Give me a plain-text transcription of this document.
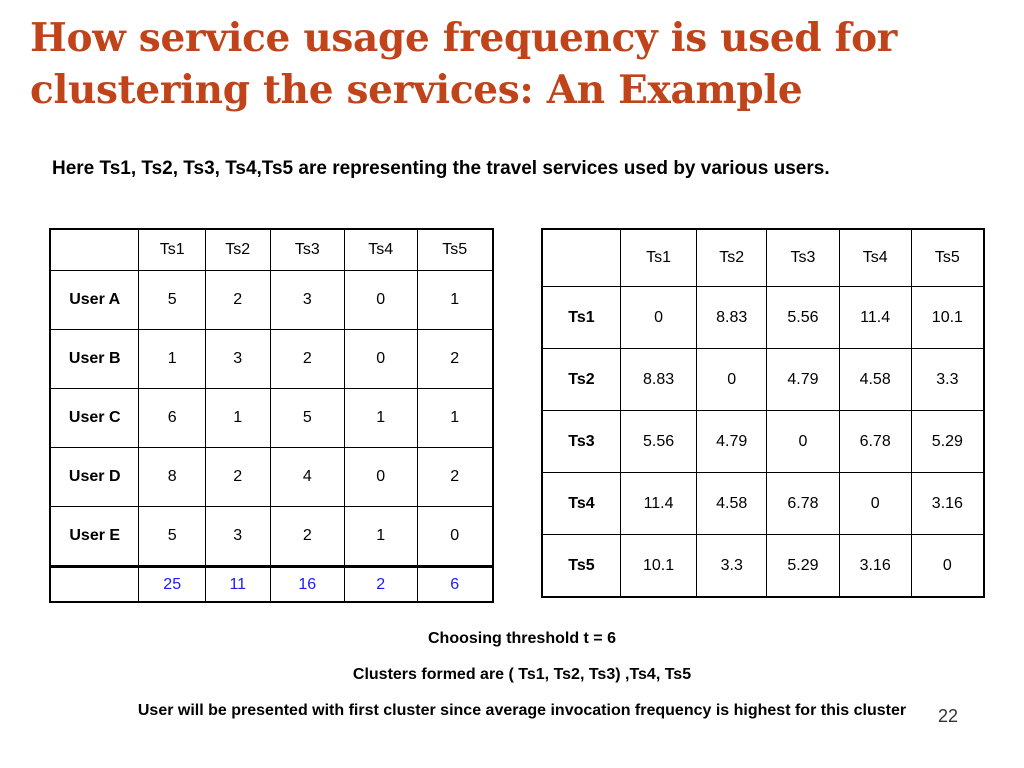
How service usage frequency is used for
clustering the services: An Example
Here Ts1, Ts2, Ts3, Ts4,Ts5 are representing the travel services used by various users.
	Ts1	Ts2	Ts3	Ts4	Ts5
User A	5	2	3	0	1
User B	1	3	2	0	2
User C	6	1	5	1	1
User D	8	2	4	0	2
User E	5	3	2	1	0
	25	11	16	2	6
	Ts1	Ts2	Ts3	Ts4	Ts5
Ts1	0	8.83	5.56	11.4	10.1
Ts2	8.83	0	4.79	4.58	3.3
Ts3	5.56	4.79	0	6.78	5.29
Ts4	11.4	4.58	6.78	0	3.16
Ts5	10.1	3.3	5.29	3.16	0
Choosing threshold t = 6
Clusters formed are ( Ts1, Ts2, Ts3) ,Ts4, Ts5
22
User will be presented with first cluster since average invocation frequency is highest for this cluster
